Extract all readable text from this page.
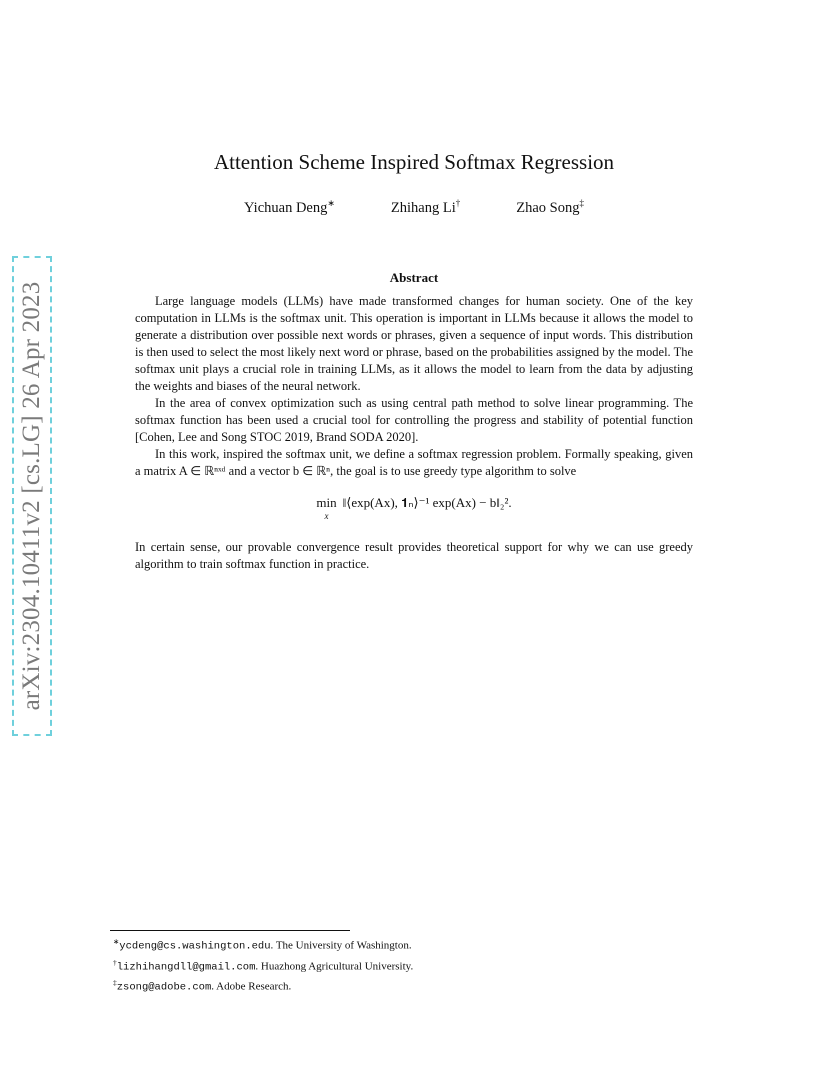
arXiv:2304.10411v2 [cs.LG] 26 Apr 2023
Attention Scheme Inspired Softmax Regression
Yichuan Deng∗	Zhihang Li†	Zhao Song‡
Abstract

Large language models (LLMs) have made transformed changes for human society. One of the key computation in LLMs is the softmax unit. This operation is important in LLMs because it allows the model to generate a distribution over possible next words or phrases, given a sequence of input words. This distribution is then used to select the most likely next word or phrase, based on the probabilities assigned by the model. The softmax unit plays a crucial role in training LLMs, as it allows the model to learn from the data by adjusting the weights and biases of the neural network.

In the area of convex optimization such as using central path method to solve linear programming. The softmax function has been used a crucial tool for controlling the progress and stability of potential function [Cohen, Lee and Song STOC 2019, Brand SODA 2020].

In this work, inspired the softmax unit, we define a softmax regression problem. Formally speaking, given a matrix A ∈ ℝⁿˣᵈ and a vector b ∈ ℝⁿ, the goal is to use greedy type algorithm to solve

min
x
‖⟨exp(Ax), 𝟏ₙ⟩⁻¹ exp(Ax) − b‖₂².

In certain sense, our provable convergence result provides theoretical support for why we can use greedy algorithm to train softmax function in practice.

∗ycdeng@cs.washington.edu. The University of Washington.
†lizhihangdll@gmail.com. Huazhong Agricultural University.
‡zsong@adobe.com. Adobe Research.
